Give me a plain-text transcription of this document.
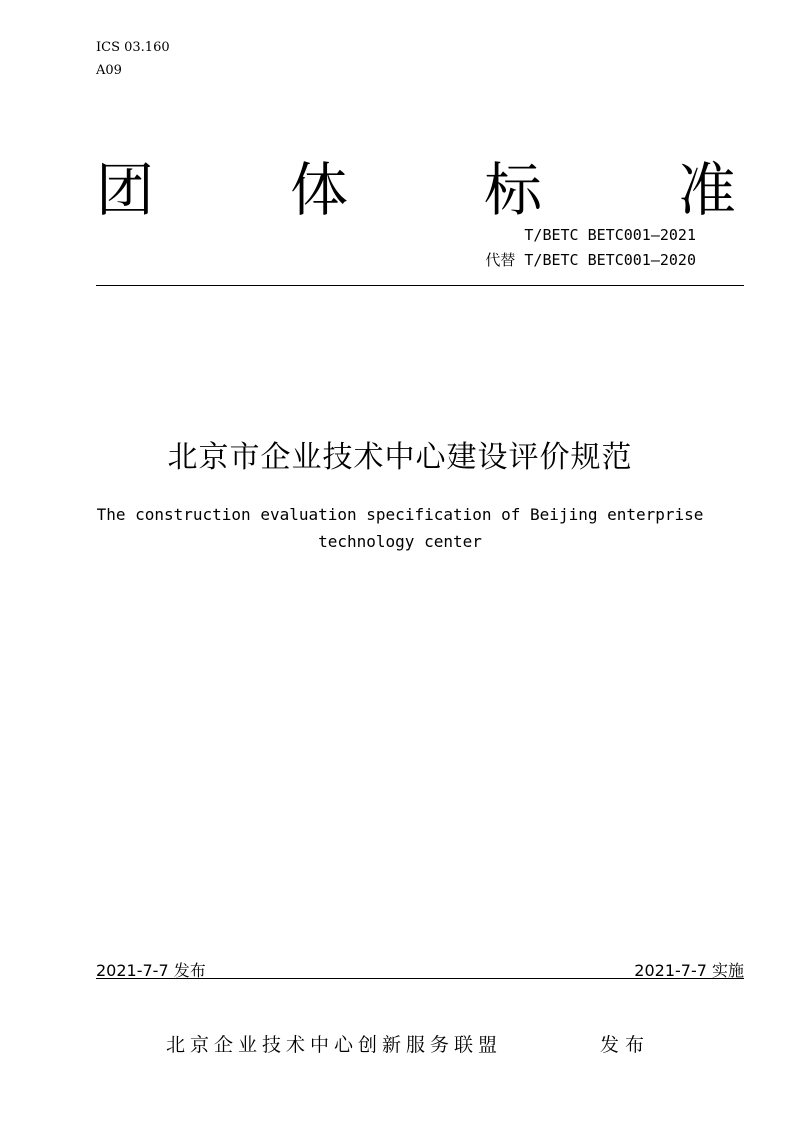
ICS 03.160
A09
团 体 标 准
T/BETC BETC001—2021
代替 T/BETC BETC001—2020
北京市企业技术中心建设评价规范
The construction evaluation specification of Beijing enterprise
technology center
2021-7-7 发布	2021-7-7 实施
北京企业技术中心创新服务联盟	发布
